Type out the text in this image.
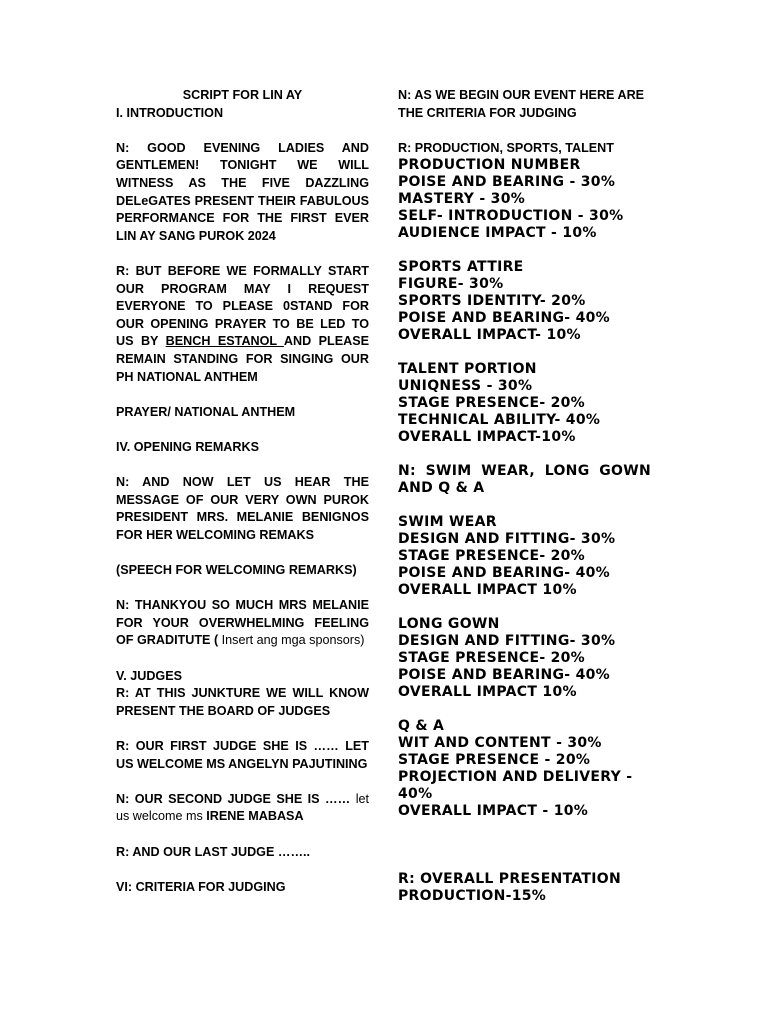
SCRIPT FOR LIN AY

I. INTRODUCTION

N: GOOD EVENING LADIES AND GENTLEMEN! TONIGHT WE WILL WITNESS AS THE FIVE DAZZLING DELeGATES PRESENT THEIR FABULOUS PERFORMANCE FOR THE FIRST EVER LIN AY SANG PUROK 2024

R: BUT BEFORE WE FORMALLY START OUR PROGRAM MAY I REQUEST EVERYONE TO PLEASE 0STAND FOR OUR OPENING PRAYER TO BE LED TO US BY BENCH ESTANOL AND PLEASE REMAIN STANDING FOR SINGING OUR PH NATIONAL ANTHEM

PRAYER/ NATIONAL ANTHEM

IV. OPENING REMARKS

N: AND NOW LET US HEAR THE MESSAGE OF OUR VERY OWN PUROK PRESIDENT MRS. MELANIE BENIGNOS FOR HER WELCOMING REMAKS

(SPEECH FOR WELCOMING REMARKS)

N: THANKYOU SO MUCH MRS MELANIE FOR YOUR OVERWHELMING FEELING OF GRADITUTE ( Insert ang mga sponsors)

V. JUDGES
R: AT THIS JUNKTURE WE WILL KNOW PRESENT THE BOARD OF JUDGES

R: OUR FIRST JUDGE SHE IS …… LET US WELCOME MS ANGELYN PAJUTINING

N: OUR SECOND JUDGE SHE IS …… let us welcome ms IRENE MABASA

R: AND OUR LAST JUDGE ……..

VI: CRITERIA FOR JUDGING

N: AS WE BEGIN OUR EVENT HERE ARE THE CRITERIA FOR JUDGING

R: PRODUCTION, SPORTS, TALENT
PRODUCTION NUMBER
POISE AND BEARING - 30%
MASTERY - 30%
SELF- INTRODUCTION - 30%
AUDIENCE IMPACT - 10%
SPORTS ATTIRE
FIGURE- 30%
SPORTS IDENTITY- 20%
POISE AND BEARING- 40%
OVERALL IMPACT- 10%
TALENT PORTION
UNIQNESS - 30%
STAGE PRESENCE- 20%
TECHNICAL ABILITY- 40%
OVERALL IMPACT-10%
N: SWIM WEAR, LONG GOWN AND Q & A
SWIM WEAR
DESIGN AND FITTING- 30%
STAGE PRESENCE- 20%
POISE AND BEARING- 40%
OVERALL IMPACT 10%
LONG GOWN
DESIGN AND FITTING- 30%
STAGE PRESENCE- 20%
POISE AND BEARING- 40%
OVERALL IMPACT 10%
Q & A
WIT AND CONTENT - 30%
STAGE PRESENCE - 20%
PROJECTION AND DELIVERY - 40%
OVERALL IMPACT - 10%
R: OVERALL PRESENTATION
PRODUCTION-15%
